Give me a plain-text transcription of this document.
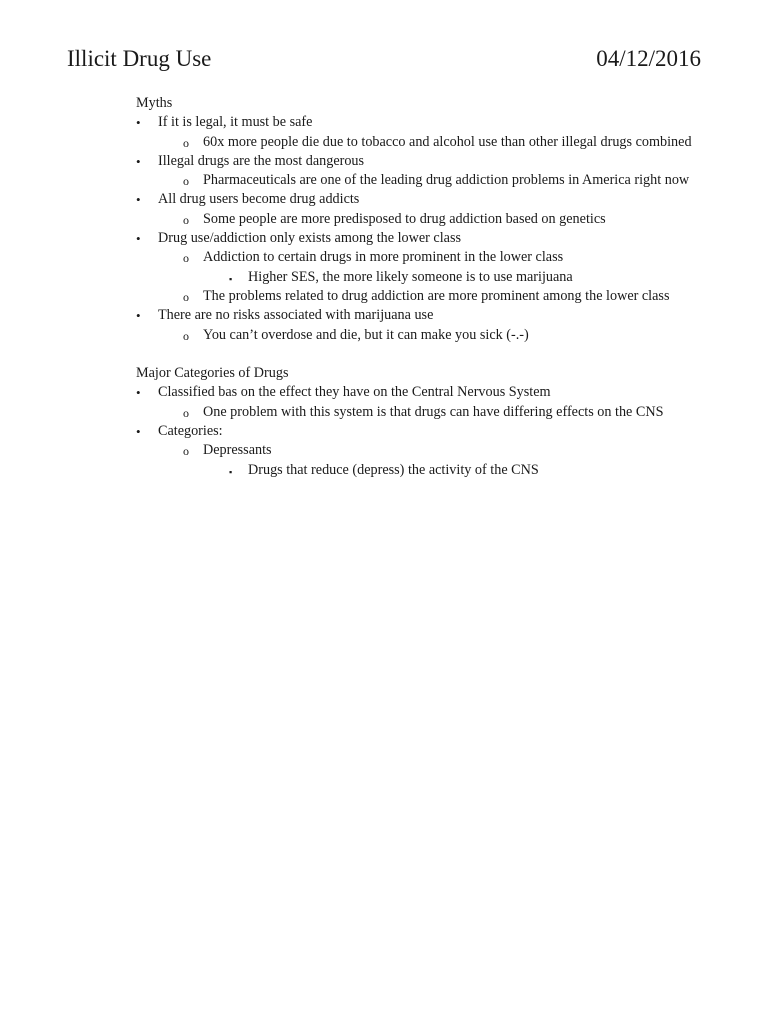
Illicit Drug Use	04/12/2016
Myths
• If it is legal, it must be safe
o 60x more people die due to tobacco and alcohol use than other illegal drugs combined
• Illegal drugs are the most dangerous
o Pharmaceuticals are one of the leading drug addiction problems in America right now
• All drug users become drug addicts
o Some people are more predisposed to drug addiction based on genetics
• Drug use/addiction only exists among the lower class
o Addiction to certain drugs in more prominent in the lower class
▪ Higher SES, the more likely someone is to use marijuana
o The problems related to drug addiction are more prominent among the lower class
• There are no risks associated with marijuana use
o You can’t overdose and die, but it can make you sick (-.-)
Major Categories of Drugs
• Classified bas on the effect they have on the Central Nervous System
o One problem with this system is that drugs can have differing effects on the CNS
• Categories:
o Depressants
▪ Drugs that reduce (depress) the activity of the CNS
